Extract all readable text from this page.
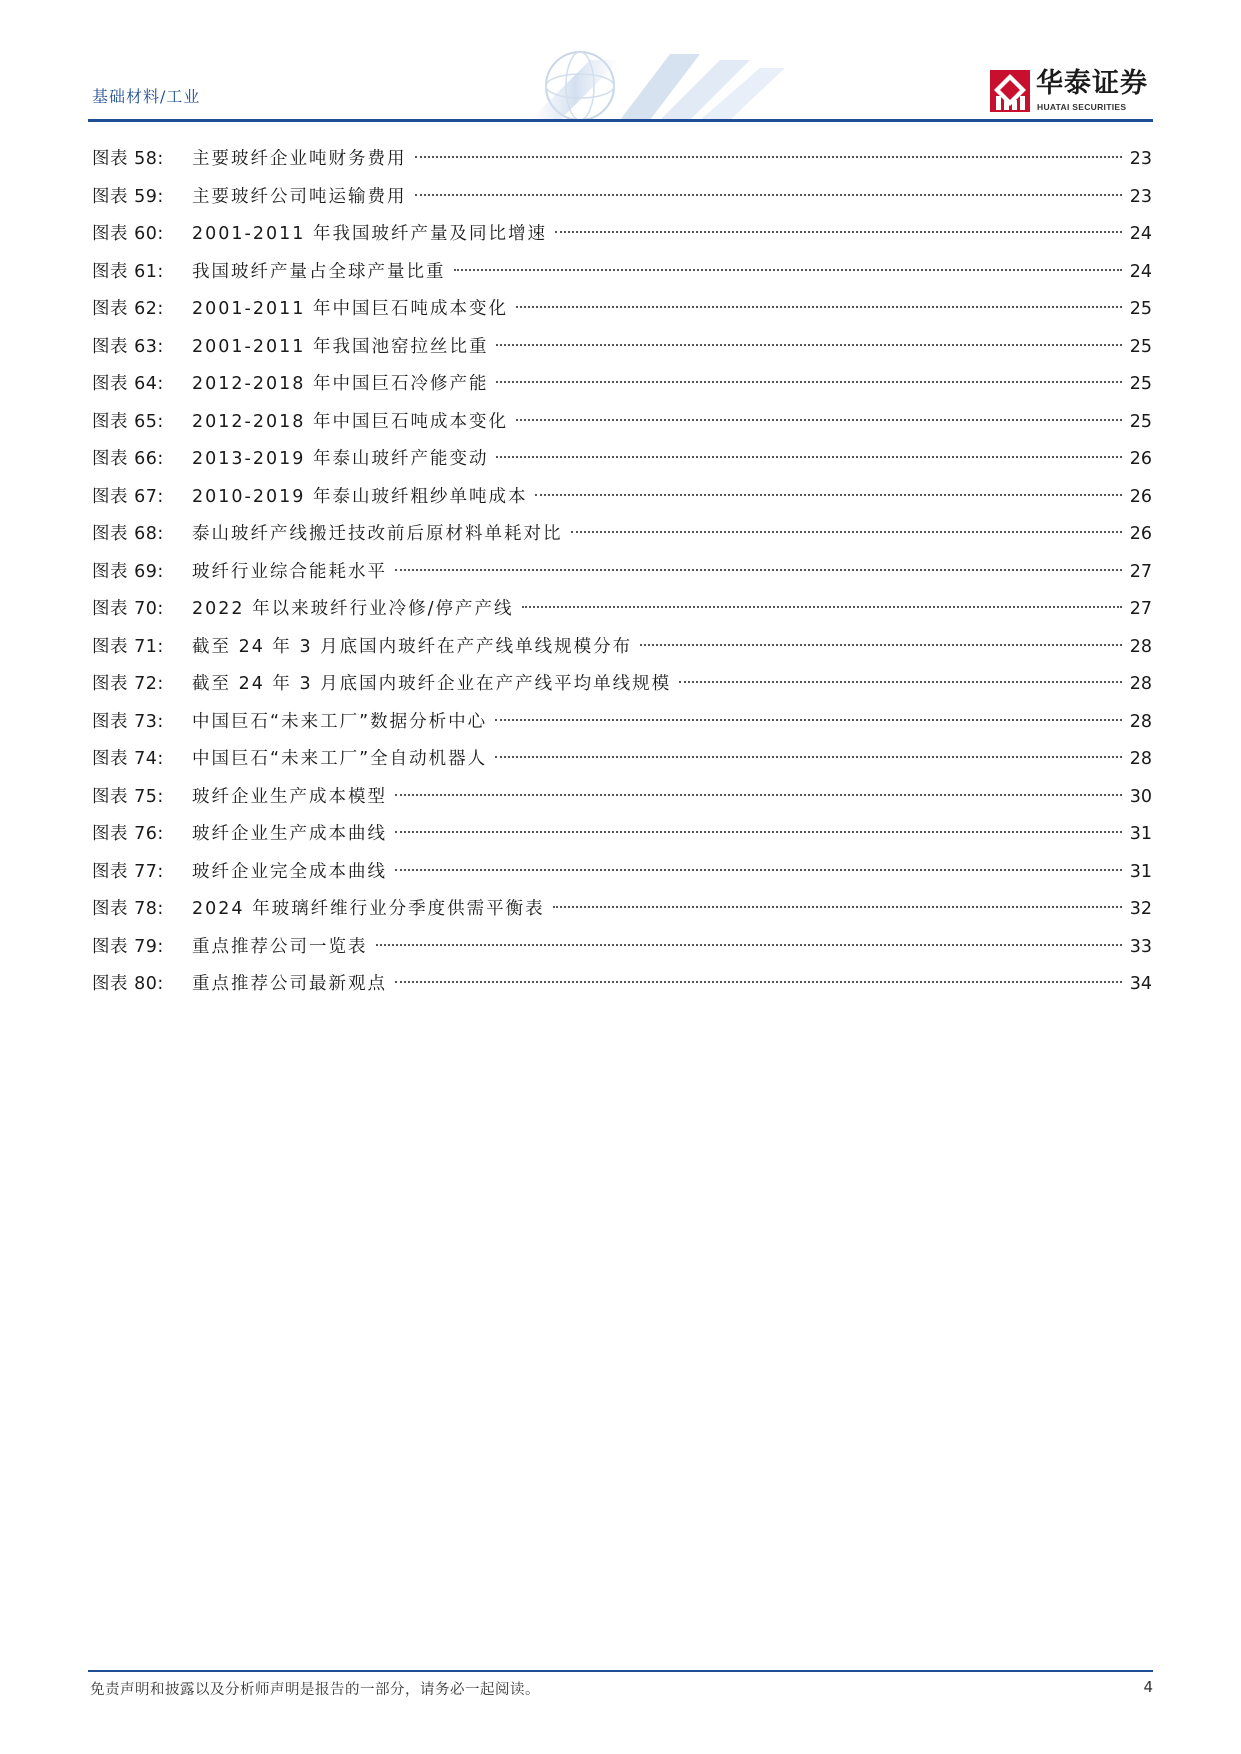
基础材料/工业	华泰证券
HUATAI SECURITIES
图表 58:	主要玻纤企业吨财务费用	23
图表 59:	主要玻纤公司吨运输费用	23
图表 60:	2001-2011 年我国玻纤产量及同比增速	24
图表 61:	我国玻纤产量占全球产量比重	24
图表 62:	2001-2011 年中国巨石吨成本变化	25
图表 63:	2001-2011 年我国池窑拉丝比重	25
图表 64:	2012-2018 年中国巨石冷修产能	25
图表 65:	2012-2018 年中国巨石吨成本变化	25
图表 66:	2013-2019 年泰山玻纤产能变动	26
图表 67:	2010-2019 年泰山玻纤粗纱单吨成本	26
图表 68:	泰山玻纤产线搬迁技改前后原材料单耗对比	26
图表 69:	玻纤行业综合能耗水平	27
图表 70:	2022 年以来玻纤行业冷修/停产产线	27
图表 71:	截至 24 年 3 月底国内玻纤在产产线单线规模分布	28
图表 72:	截至 24 年 3 月底国内玻纤企业在产产线平均单线规模	28
图表 73:	中国巨石“未来工厂”数据分析中心	28
图表 74:	中国巨石“未来工厂”全自动机器人	28
图表 75:	玻纤企业生产成本模型	30
图表 76:	玻纤企业生产成本曲线	31
图表 77:	玻纤企业完全成本曲线	31
图表 78:	2024 年玻璃纤维行业分季度供需平衡表	32
图表 79:	重点推荐公司一览表	33
图表 80:	重点推荐公司最新观点	34
免责声明和披露以及分析师声明是报告的一部分，请务必一起阅读。	4
